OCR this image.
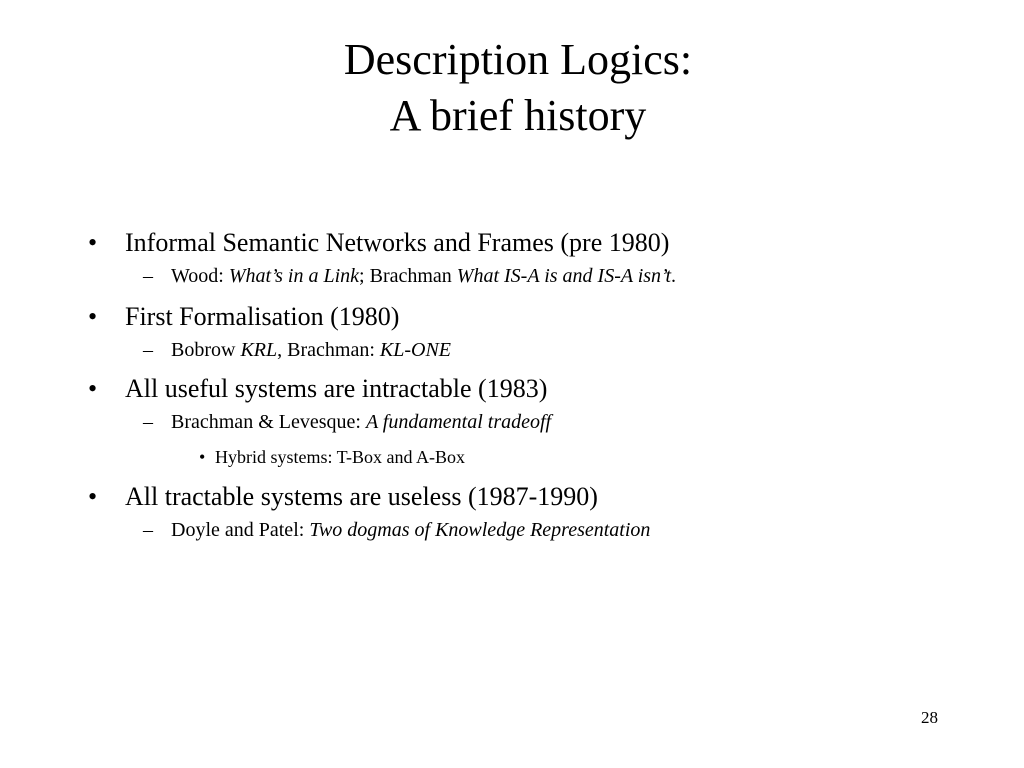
Description Logics:
A brief history
• Informal Semantic Networks and Frames (pre 1980)
– Wood: What’s in a Link; Brachman What IS-A is and IS-A isn’t.
• First Formalisation (1980)
– Bobrow KRL, Brachman: KL-ONE
• All useful systems are intractable (1983)
– Brachman & Levesque: A fundamental tradeoff
• Hybrid systems: T-Box and A-Box
• All tractable systems are useless (1987-1990)
– Doyle and Patel: Two dogmas of Knowledge Representation
28
